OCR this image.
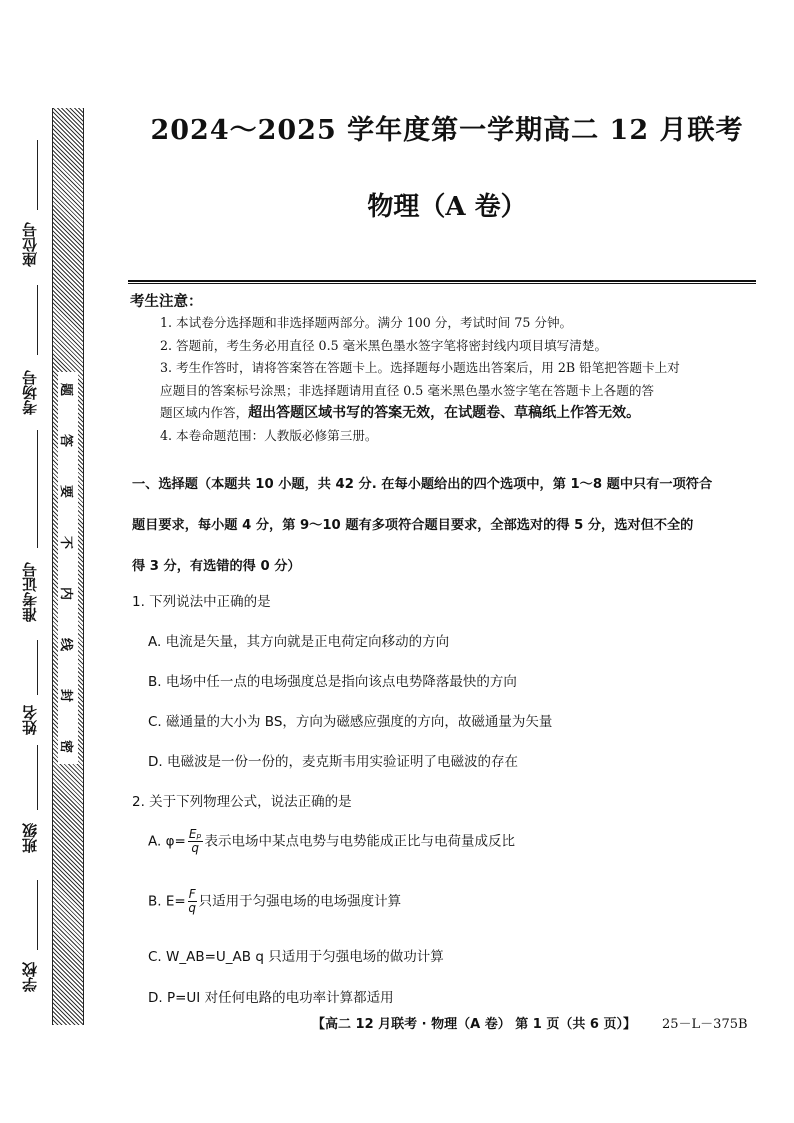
座位号
考场号
准考证号
姓名
班级
学校
题
答
要
不
内
线
封
密
2024～2025 学年度第一学期高二 12 月联考
物理（A 卷）
考生注意：
1. 本试卷分选择题和非选择题两部分。满分 100 分，考试时间 75 分钟。
2. 答题前，考生务必用直径 0.5 毫米黑色墨水签字笔将密封线内项目填写清楚。
3. 考生作答时，请将答案答在答题卡上。选择题每小题选出答案后，用 2B 铅笔把答题卡上对
应题目的答案标号涂黑；非选择题请用直径 0.5 毫米黑色墨水签字笔在答题卡上各题的答
题区域内作答，超出答题区域书写的答案无效，在试题卷、草稿纸上作答无效。
4. 本卷命题范围：人教版必修第三册。
一、选择题（本题共 10 小题，共 42 分. 在每小题给出的四个选项中，第 1～8 题中只有一项符合
题目要求，每小题 4 分，第 9～10 题有多项符合题目要求，全部选对的得 5 分，选对但不全的
得 3 分，有选错的得 0 分）
1. 下列说法中正确的是
A. 电流是矢量，其方向就是正电荷定向移动的方向
B. 电场中任一点的电场强度总是指向该点电势降落最快的方向
C. 磁通量的大小为 BS，方向为磁感应强度的方向，故磁通量为矢量
D. 电磁波是一份一份的，麦克斯韦用实验证明了电磁波的存在
2. 关于下列物理公式，说法正确的是
A. $\varphi= \frac{\text{Eₚ}}{q}$ 表示电场中某点电势与电势能成正比与电荷量成反比
B. $E= \frac{F}{q}$ 只适用于匀强电场的电场强度计算
C. W_AB=U_AB q 只适用于匀强电场的做功计算
D. P=UI 对任何电路的电功率计算都适用
【高二 12 月联考 · 物理（A 卷） 第 1 页（共 6 页）】 25－L－375B
